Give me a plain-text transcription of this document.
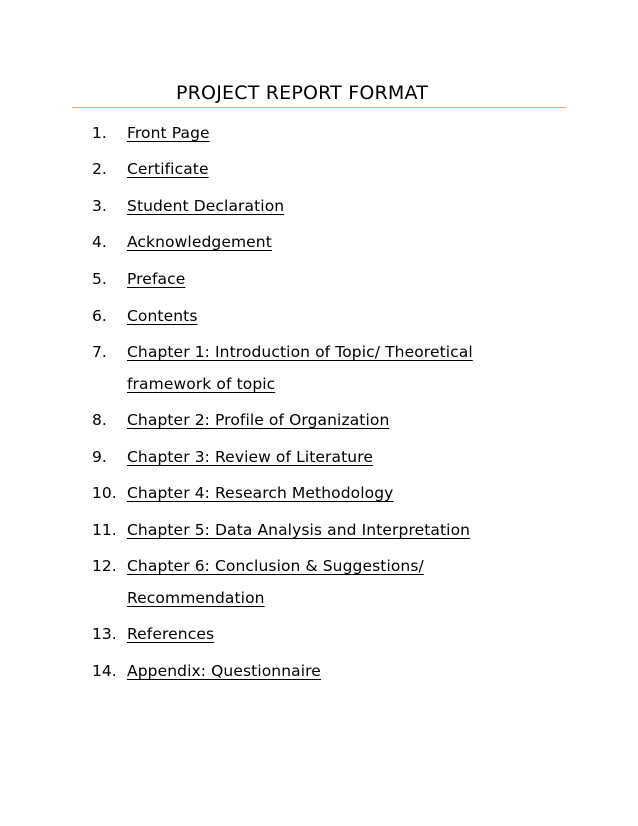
PROJECT REPORT FORMAT
1. Front Page
2. Certificate
3. Student Declaration
4. Acknowledgement
5. Preface
6. Contents
7. Chapter 1: Introduction of Topic/ Theoretical framework of topic
8. Chapter 2: Profile of Organization
9. Chapter 3: Review of Literature
10. Chapter 4: Research Methodology
11. Chapter 5: Data Analysis and Interpretation
12. Chapter 6: Conclusion & Suggestions/ Recommendation
13. References
14. Appendix: Questionnaire
